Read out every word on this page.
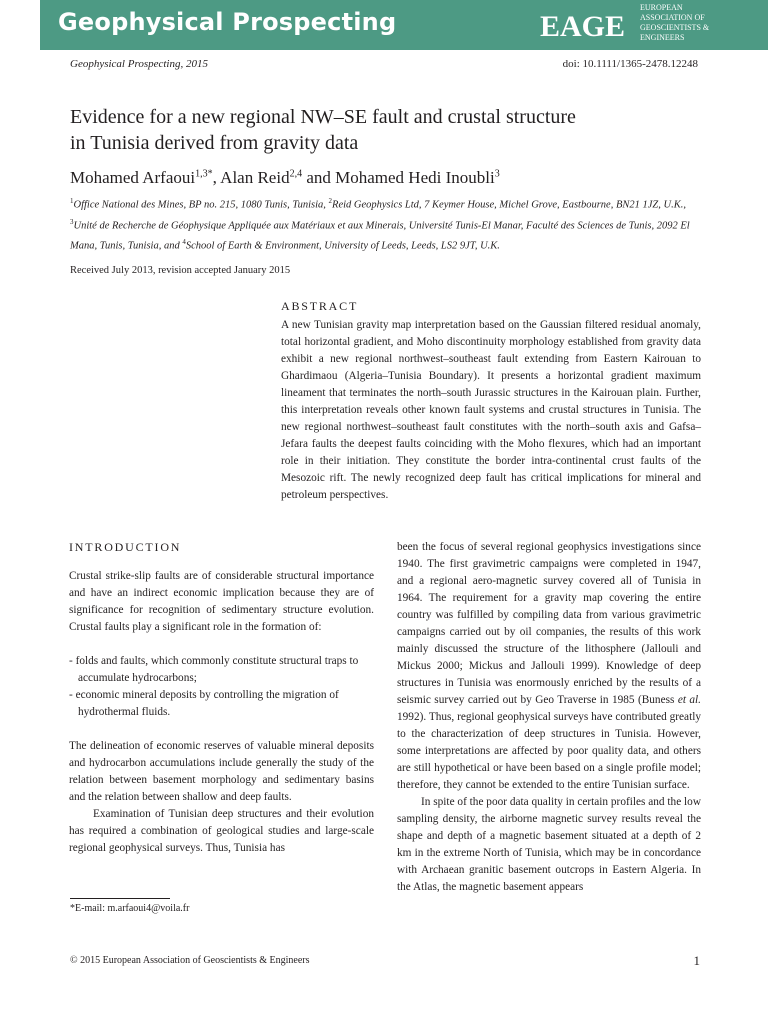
Geophysical Prospecting	EAGE
EUROPEAN
ASSOCIATION OF
GEOSCIENTISTS &
ENGINEERS
Geophysical Prospecting, 2015	doi: 10.1111/1365-2478.12248
Evidence for a new regional NW–SE fault and crustal structure
in Tunisia derived from gravity data

Mohamed Arfaoui$^{1,3*}$, Alan Reid$^{2,4}$ and Mohamed Hedi Inoubli$^3$

$^1$Office National des Mines, BP no. 215, 1080 Tunis, Tunisia, $^2$Reid Geophysics Ltd, 7 Keymer House, Michel Grove, Eastbourne, BN21 1JZ, U.K., $^3$Unité de Recherche de Géophysique Appliquée aux Matériaux et aux Minerais, Université Tunis-El Manar, Faculté des Sciences de Tunis, 2092 El Mana, Tunis, Tunisia, and $^4$School of Earth & Environment, University of Leeds, Leeds, LS2 9JT, U.K.

Received July 2013, revision accepted January 2015
ABSTRACT

A new Tunisian gravity map interpretation based on the Gaussian filtered residual anomaly, total horizontal gradient, and Moho discontinuity morphology established from gravity data exhibit a new regional northwest–southeast fault extending from Eastern Kairouan to Ghardimaou (Algeria–Tunisia Boundary). It presents a horizontal gradient maximum lineament that terminates the north–south Jurassic structures in the Kairouan plain. Further, this interpretation reveals other known fault systems and crustal structures in Tunisia. The new regional northwest–southeast fault constitutes with the north–south axis and Gafsa–Jefara faults the deepest faults coinciding with the Moho flexures, which had an important role in their initiation. They constitute the border intra-continental crust faults of the Mesozoic rift. The newly recognized deep fault has critical implications for mineral and petroleum perspectives.

INTRODUCTION

Crustal strike-slip faults are of considerable structural importance and have an indirect economic implication because they are of significance for recognition of sedimentary structure evolution. Crustal faults play a significant role in the formation of:

- folds and faults, which commonly constitute structural traps to accumulate hydrocarbons;
- economic mineral deposits by controlling the migration of hydrothermal fluids.

The delineation of economic reserves of valuable mineral deposits and hydrocarbon accumulations include generally the study of the relation between basement morphology and sedimentary basins and the relation between shallow and deep faults.

Examination of Tunisian deep structures and their evolution has required a combination of geological studies and large-scale regional geophysical surveys. Thus, Tunisia has

been the focus of several regional geophysics investigations since 1940. The first gravimetric campaigns were completed in 1947, and a regional aero-magnetic survey covered all of Tunisia in 1964. The requirement for a gravity map covering the entire country was fulfilled by compiling data from various gravimetric campaigns carried out by oil companies, the results of this work mainly discussed the structure of the lithosphere (Jallouli and Mickus 2000; Mickus and Jallouli 1999). Knowledge of deep structures in Tunisia was enormously enriched by the results of a seismic survey carried out by Geo Traverse in 1985 (Buness et al. 1992). Thus, regional geophysical surveys have contributed greatly to the characterization of deep structures in Tunisia. However, some interpretations are affected by poor quality data, and others are still hypothetical or have been based on a single profile model; therefore, they cannot be extended to the entire Tunisian surface.

In spite of the poor data quality in certain profiles and the low sampling density, the airborne magnetic survey results reveal the shape and depth of a magnetic basement situated at a depth of 2 km in the extreme North of Tunisia, which may be in concordance with Archaean granitic basement outcrops in Eastern Algeria. In the Atlas, the magnetic basement appears

*E-mail: m.arfaoui4@voila.fr
© 2015 European Association of Geoscientists & Engineers	1
